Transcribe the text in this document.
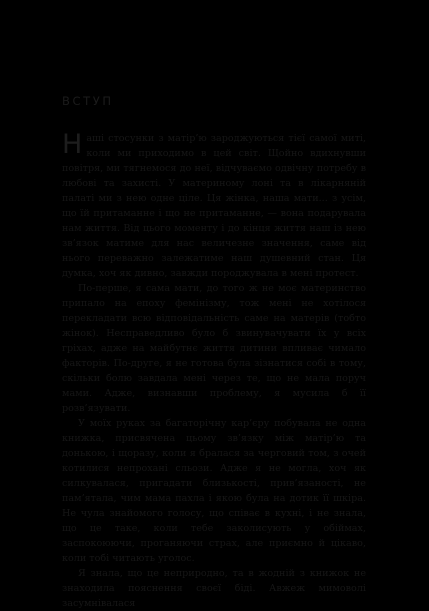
ВСТУП

Наші стосунки з матір’ю зароджуються тієї самої миті, коли ми приходимо в цей світ. Щойно вдихнувши повітря, ми тягнемося до неї, відчуваємо одвічну потребу в любові та захисті. У материному лоні та в лікарняній палаті ми з нею одне ціле. Ця жінка, наша мати... з усім, що їй притаманне і що не притаманне, — вона подарувала нам життя. Від цього моменту і до кінця життя наш із нею зв’язок матиме для нас величезне значення, саме від нього переважно залежатиме наш душевний стан. Ця думка, хоч як дивно, завжди породжувала в мені протест.

По-перше, я сама мати, до того ж не моє материнство припало на епоху фемінізму, тож мені не хотілося перекладати всю відповідальність саме на матерів (тобто жінок). Несправедливо було б звинувачувати їх у всіх гріхах, адже на майбутнє життя дитини впливає чимало факторів. По-друге, я не готова була зізнатися собі в тому, скільки болю завдала мені через те, що не мала поруч мами. Адже, визнавши проблему, я мусила б її розв’язувати.

У моїх руках за багаторічну кар’єру побувала не одна книжка, присвячена цьому зв’язку між матір’ю та донькою, і щоразу, коли я бралася за черговий том, з очей котилися непрохані сльози. Адже я не могла, хоч як силкувалася, пригадати близькості, прив’язаності, не пам’ятала, чим мама пахла і якою була на дотик її шкіра. Не чула знайомого голосу, що співає в кухні, і не знала, що це таке, коли тебе заколисують у обіймах, заспокоюючи, проганяючи страх, але приємно й цікаво, коли тобі читають уголос.

Я знала, що це неприродно, та в жодній з книжок не знаходила пояснення своєї біді. Авжеж мимоволі засумнівалася
